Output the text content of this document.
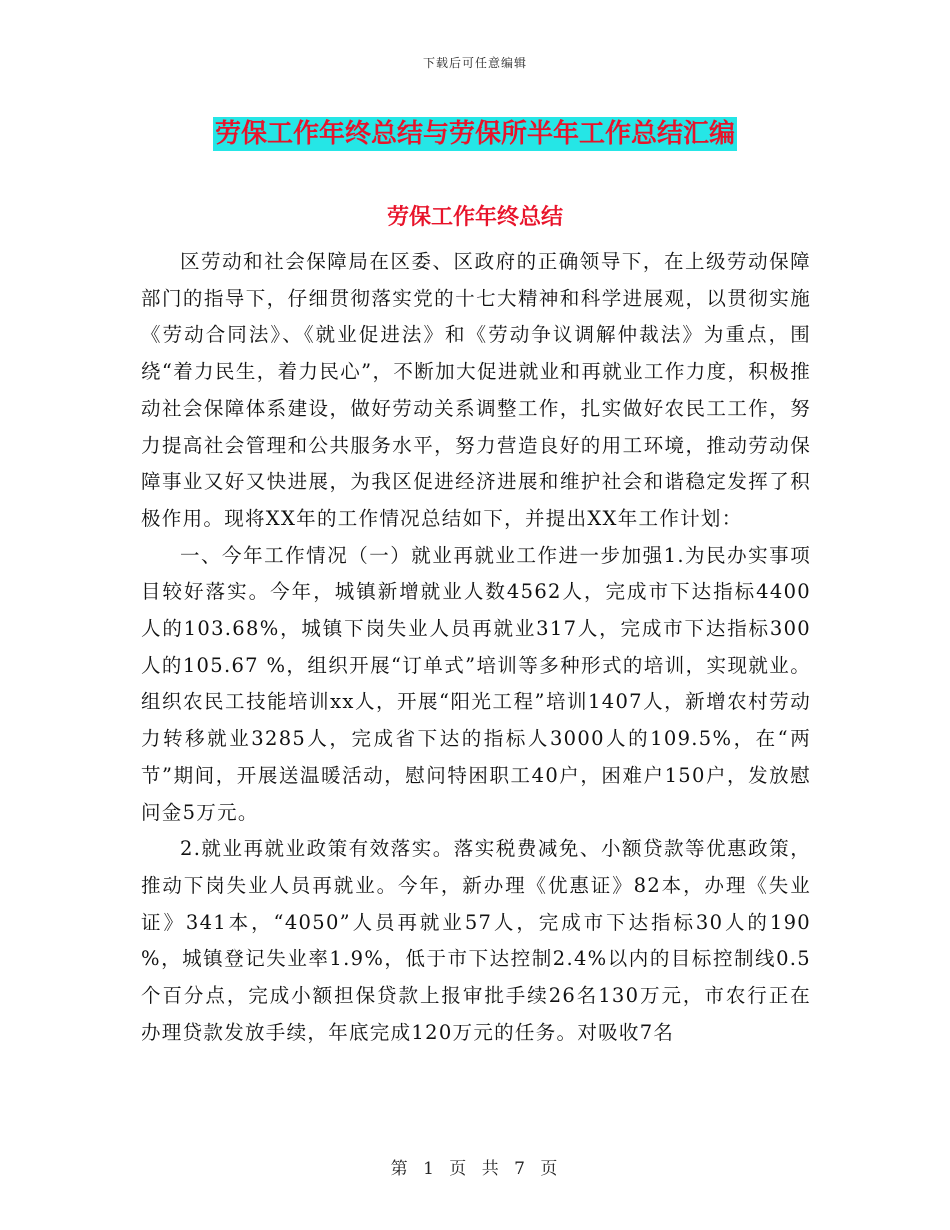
下载后可任意编辑
劳保工作年终总结与劳保所半年工作总结汇编
劳保工作年终总结

区劳动和社会保障局在区委、区政府的正确领导下，在上级劳动保障部门的指导下，仔细贯彻落实党的十七大精神和科学进展观，以贯彻实施《劳动合同法》、《就业促进法》和《劳动争议调解仲裁法》为重点，围绕“着力民生，着力民心”，不断加大促进就业和再就业工作力度，积极推动社会保障体系建设，做好劳动关系调整工作，扎实做好农民工工作，努力提高社会管理和公共服务水平，努力营造良好的用工环境，推动劳动保障事业又好又快进展，为我区促进经济进展和维护社会和谐稳定发挥了积极作用。现将XX年的工作情况总结如下，并提出XX年工作计划：

一、今年工作情况（一）就业再就业工作进一步加强1.为民办实事项目较好落实。今年，城镇新增就业人数4562人，完成市下达指标4400人的103.68%，城镇下岗失业人员再就业317人，完成市下达指标300人的105.67 %，组织开展“订单式”培训等多种形式的培训，实现就业。组织农民工技能培训xx人，开展“阳光工程”培训1407人，新增农村劳动力转移就业3285人，完成省下达的指标人3000人的109.5%，在“两节”期间，开展送温暖活动，慰问特困职工40户，困难户150户，发放慰问金5万元。

2.就业再就业政策有效落实。落实税费减免、小额贷款等优惠政策，推动下岗失业人员再就业。今年，新办理《优惠证》82本，办理《失业证》341本，“4050”人员再就业57人，完成市下达指标30人的190 %，城镇登记失业率1.9%，低于市下达控制2.4%以内的目标控制线0.5个百分点，完成小额担保贷款上报审批手续26名130万元，市农行正在办理贷款发放手续，年底完成120万元的任务。对吸收7名

第 1 页 共 7 页
